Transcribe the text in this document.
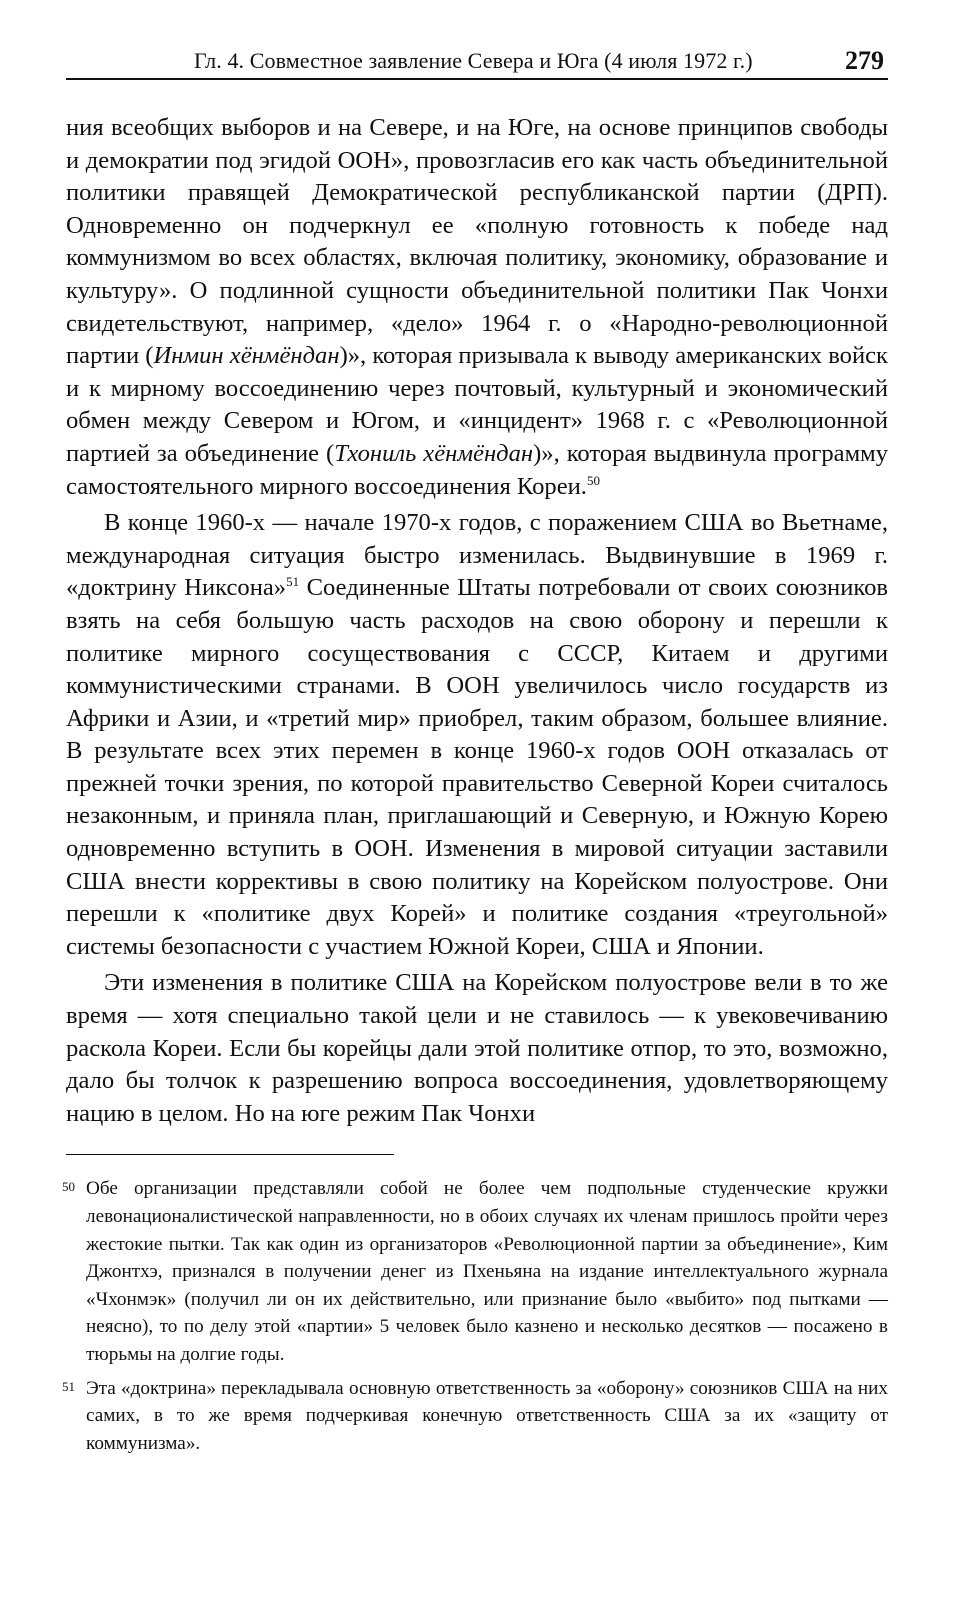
Гл. 4. Совместное заявление Севера и Юга (4 июля 1972 г.)	279

ния всеобщих выборов и на Севере, и на Юге, на основе принципов свободы и демократии под эгидой ООН», провозгласив его как часть объединительной политики правящей Демократической республиканской партии (ДРП). Одновременно он подчеркнул ее «полную готовность к победе над коммунизмом во всех областях, включая политику, экономику, образование и культуру». О подлинной сущности объединительной политики Пак Чонхи свидетельствуют, например, «дело» 1964 г. о «Народно-революционной партии (Инмин хёнмёндан)», которая призывала к выводу американских войск и к мирному воссоединению через почтовый, культурный и экономический обмен между Севером и Югом, и «инцидент» 1968 г. с «Революционной партией за объединение (Тхониль хёнмёндан)», которая выдвинула программу самостоятельного мирного воссоединения Кореи.$^{50}$

В конце 1960-х — начале 1970-х годов, с поражением США во Вьетнаме, международная ситуация быстро изменилась. Выдвинувшие в 1969 г. «доктрину Никсона»$^{51}$ Соединенные Штаты потребовали от своих союзников взять на себя большую часть расходов на свою оборону и перешли к политике мирного сосуществования с СССР, Китаем и другими коммунистическими странами. В ООН увеличилось число государств из Африки и Азии, и «третий мир» приобрел, таким образом, большее влияние. В результате всех этих перемен в конце 1960-х годов ООН отказалась от прежней точки зрения, по которой правительство Северной Кореи считалось незаконным, и приняла план, приглашающий и Северную, и Южную Корею одновременно вступить в ООН. Изменения в мировой ситуации заставили США внести коррективы в свою политику на Корейском полуострове. Они перешли к «политике двух Корей» и политике создания «треугольной» системы безопасности с участием Южной Кореи, США и Японии.

Эти изменения в политике США на Корейском полуострове вели в то же время — хотя специально такой цели и не ставилось — к увековечиванию раскола Кореи. Если бы корейцы дали этой политике отпор, то это, возможно, дало бы толчок к разрешению вопроса воссоединения, удовлетворяющему нацию в целом. Но на юге режим Пак Чонхи

50 Обе организации представляли собой не более чем подпольные студенческие кружки левонационалистической направленности, но в обоих случаях их членам пришлось пройти через жестокие пытки. Так как один из организаторов «Революционной партии за объединение», Ким Джонтхэ, признался в получении денег из Пхеньяна на издание интеллектуального журнала «Чхонмэк» (получил ли он их действительно, или признание было «выбито» под пытками — неясно), то по делу этой «партии» 5 человек было казнено и несколько десятков — посажено в тюрьмы на долгие годы.
51 Эта «доктрина» перекладывала основную ответственность за «оборону» союзников США на них самих, в то же время подчеркивая конечную ответственность США за их «защиту от коммунизма».
